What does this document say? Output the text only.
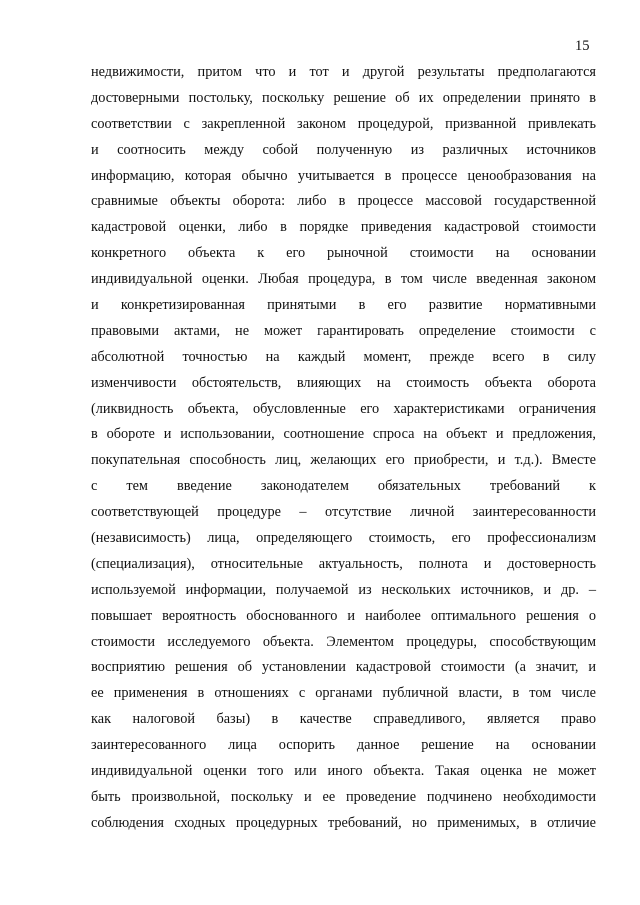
15
недвижимости, притом что и тот и другой результаты предполагаются
достоверными постольку, поскольку решение об их определении принято в
соответствии с закрепленной законом процедурой, призванной привлекать
и соотносить между собой полученную из различных источников
информацию, которая обычно учитывается в процессе ценообразования на
сравнимые объекты оборота: либо в процессе массовой государственной
кадастровой оценки, либо в порядке приведения кадастровой стоимости
конкретного объекта к его рыночной стоимости на основании
индивидуальной оценки. Любая процедура, в том числе введенная законом
и конкретизированная принятыми в его развитие нормативными
правовыми актами, не может гарантировать определение стоимости с
абсолютной точностью на каждый момент, прежде всего в силу
изменчивости обстоятельств, влияющих на стоимость объекта оборота
(ликвидность объекта, обусловленные его характеристиками ограничения
в обороте и использовании, соотношение спроса на объект и предложения,
покупательная способность лиц, желающих его приобрести, и т.д.). Вместе
с тем введение законодателем обязательных требований к
соответствующей процедуре – отсутствие личной заинтересованности
(независимость) лица, определяющего стоимость, его профессионализм
(специализация), относительные актуальность, полнота и достоверность
используемой информации, получаемой из нескольких источников, и др. –
повышает вероятность обоснованного и наиболее оптимального решения о
стоимости исследуемого объекта. Элементом процедуры, способствующим
восприятию решения об установлении кадастровой стоимости (а значит, и
ее применения в отношениях с органами публичной власти, в том числе
как налоговой базы) в качестве справедливого, является право
заинтересованного лица оспорить данное решение на основании
индивидуальной оценки того или иного объекта. Такая оценка не может
быть произвольной, поскольку и ее проведение подчинено необходимости
соблюдения сходных процедурных требований, но применимых, в отличие
